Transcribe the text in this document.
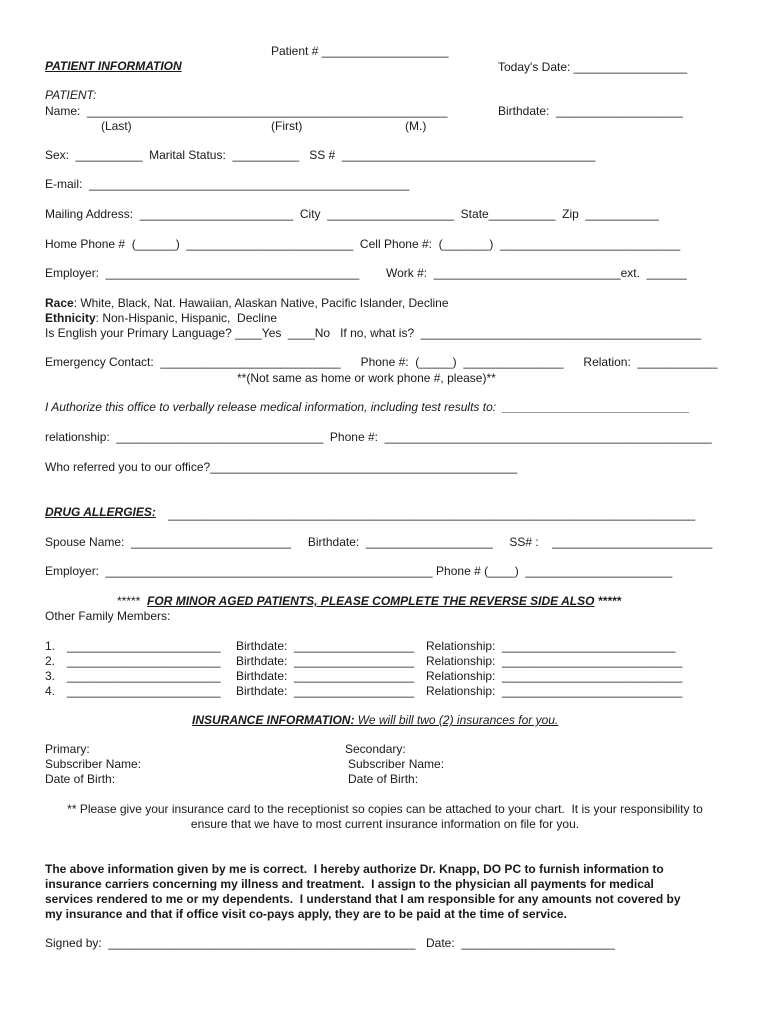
Patient # ___________________
PATIENT INFORMATION	Today's Date: _________________
PATIENT:
Name:  ______________________________________________________	Birthdate:  ___________________
(Last)	(First)	(M.)
Sex:  __________  Marital Status:  __________   SS #  ______________________________________
E-mail:  ________________________________________________
Mailing Address:  _______________________  City  ___________________  State__________  Zip  ___________
Home Phone #  (______)  _________________________  Cell Phone #:  (_______)  ___________________________
Employer:  ______________________________________        Work #:  ____________________________ext.  ______
Race: White, Black, Nat. Hawaiian, Alaskan Native, Pacific Islander, Decline
Ethnicity: Non-Hispanic, Hispanic,  Decline
Is English your Primary Language? ____Yes  ____No   If no, what is?  __________________________________________
Emergency Contact:  ___________________________      Phone #:  (_____)  _______________      Relation:  ____________
**(Not same as home or work phone #, please)**
I Authorize this office to verbally release medical information, including test results to:  ____________________________
relationship:  _______________________________  Phone #:  _________________________________________________
Who referred you to our office?______________________________________________
DRUG ALLERGIES: _______________________________________________________________________________
Spouse Name:  ________________________     Birthdate:  ___________________     SS# :    ________________________
Employer:  _________________________________________________ Phone # (____)  ______________________
*****  FOR MINOR AGED PATIENTS, PLEASE COMPLETE THE REVERSE SIDE ALSO *****
Other Family Members:
1. _______________________ Birthdate:  __________________ Relationship:  __________________________
2. _______________________ Birthdate:  __________________ Relationship:  ___________________________
3. _______________________ Birthdate:  __________________ Relationship:  ___________________________
4. _______________________ Birthdate:  __________________ Relationship:  ___________________________
INSURANCE INFORMATION: We will bill two (2) insurances for you.
Primary:
Subscriber Name:
Date of Birth:
Secondary:
Subscriber Name:
Date of Birth:
** Please give your insurance card to the receptionist so copies can be attached to your chart.  It is your responsibility to
ensure that we have to most current insurance information on file for you.
The above information given by me is correct.  I hereby authorize Dr. Knapp, DO PC to furnish information to
insurance carriers concerning my illness and treatment.  I assign to the physician all payments for medical
services rendered to me or my dependents.  I understand that I am responsible for any amounts not covered by
my insurance and that if office visit co-pays apply, they are to be paid at the time of service.
Signed by:  ______________________________________________ Date:  _______________________
